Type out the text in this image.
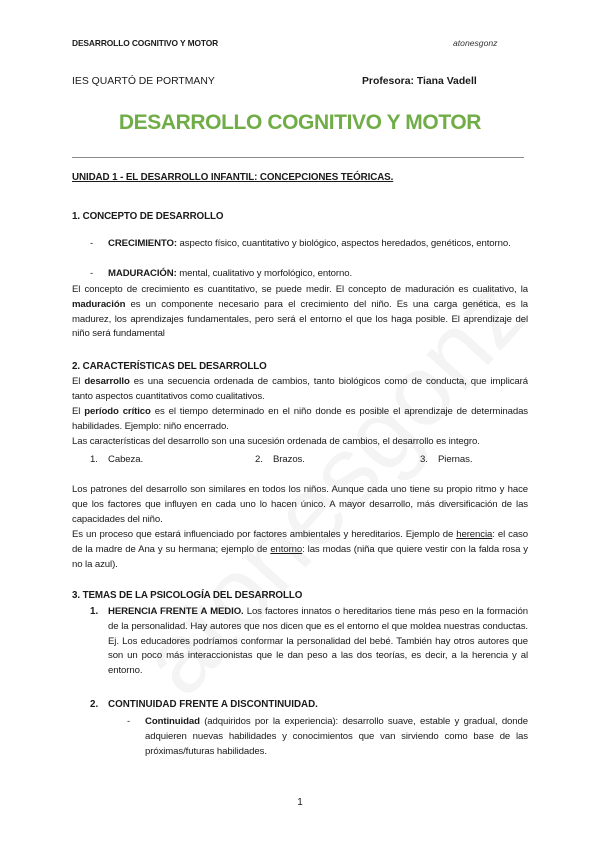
DESARROLLO COGNITIVO Y MOTOR	atonesgonz
IES QUARTÓ DE PORTMANY	Profesora: Tiana Vadell
DESARROLLO COGNITIVO Y MOTOR
UNIDAD 1 - EL DESARROLLO INFANTIL: CONCEPCIONES TEÓRICAS.
1. CONCEPTO DE DESARROLLO
- CRECIMIENTO: aspecto físico, cuantitativo y biológico, aspectos heredados, genéticos, entorno.
- MADURACIÓN: mental, cualitativo y morfológico, entorno.
El concepto de crecimiento es cuantitativo, se puede medir. El concepto de maduración es cualitativo, la maduración es un componente necesario para el crecimiento del niño. Es una carga genética, es la madurez, los aprendizajes fundamentales, pero será el entorno el que los haga posible. El aprendizaje del niño será fundamental
2. CARACTERÍSTICAS DEL DESARROLLO
El desarrollo es una secuencia ordenada de cambios, tanto biológicos como de conducta, que implicará tanto aspectos cuantitativos como cualitativos.
El período crítico es el tiempo determinado en el niño donde es posible el aprendizaje de determinadas habilidades. Ejemplo: niño encerrado.
Las características del desarrollo son una sucesión ordenada de cambios, el desarrollo es integro.
1. Cabeza.	2. Brazos.	3. Piernas.
Los patrones del desarrollo son similares en todos los niños. Aunque cada uno tiene su propio ritmo y hace que los factores que influyen en cada uno lo hacen único. A mayor desarrollo, más diversificación de las capacidades del niño.
Es un proceso que estará influenciado por factores ambientales y hereditarios. Ejemplo de herencia: el caso de la madre de Ana y su hermana; ejemplo de entorno: las modas (niña que quiere vestir con la falda rosa y no la azul).
3. TEMAS DE LA PSICOLOGÍA DEL DESARROLLO
1. HERENCIA FRENTE A MEDIO. Los factores innatos o hereditarios tiene más peso en la formación de la personalidad. Hay autores que nos dicen que es el entorno el que moldea nuestras conductas. Ej. Los educadores podríamos conformar la personalidad del bebé. También hay otros autores que son un poco más interaccionistas que le dan peso a las dos teorías, es decir, a la herencia y al entorno.
2. CONTINUIDAD FRENTE A DISCONTINUIDAD.
- Continuidad (adquiridos por la experiencia): desarrollo suave, estable y gradual, donde adquieren nuevas habilidades y conocimientos que van sirviendo como base de las próximas/futuras habilidades.
1
